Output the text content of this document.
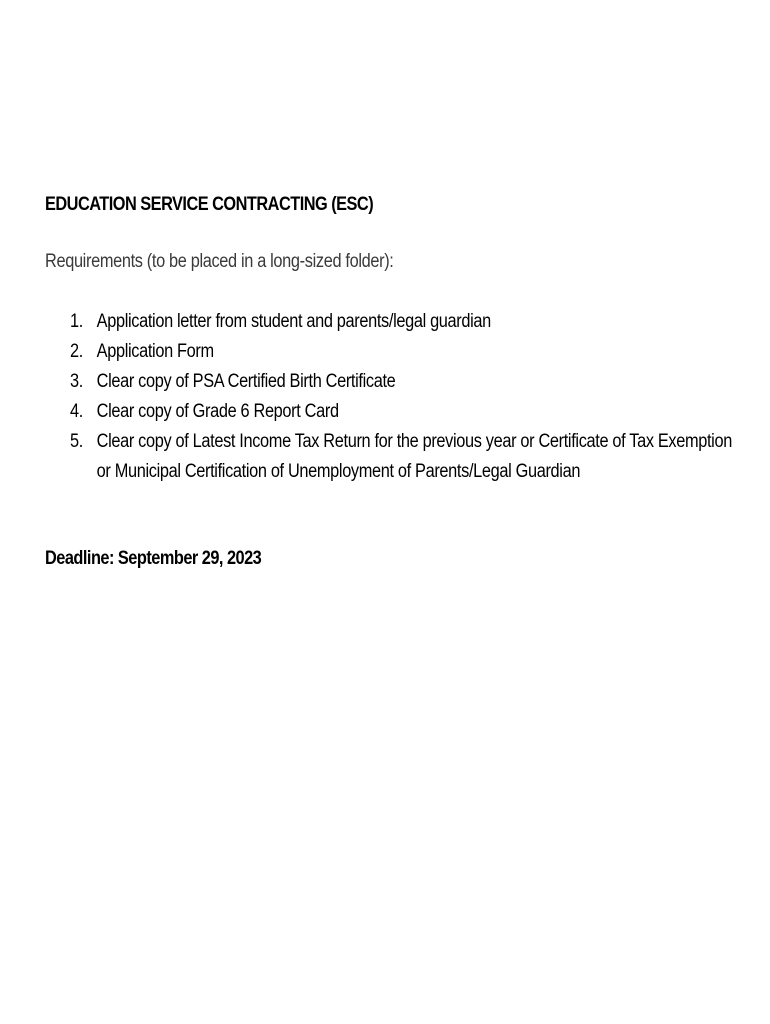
EDUCATION SERVICE CONTRACTING (ESC)
Requirements (to be placed in a long-sized folder):
1. Application letter from student and parents/legal guardian
2. Application Form
3. Clear copy of PSA Certified Birth Certificate
4. Clear copy of Grade 6 Report Card
5. Clear copy of Latest Income Tax Return for the previous year or Certificate of Tax Exemption
or Municipal Certification of Unemployment of Parents/Legal Guardian
Deadline: September 29, 2023
